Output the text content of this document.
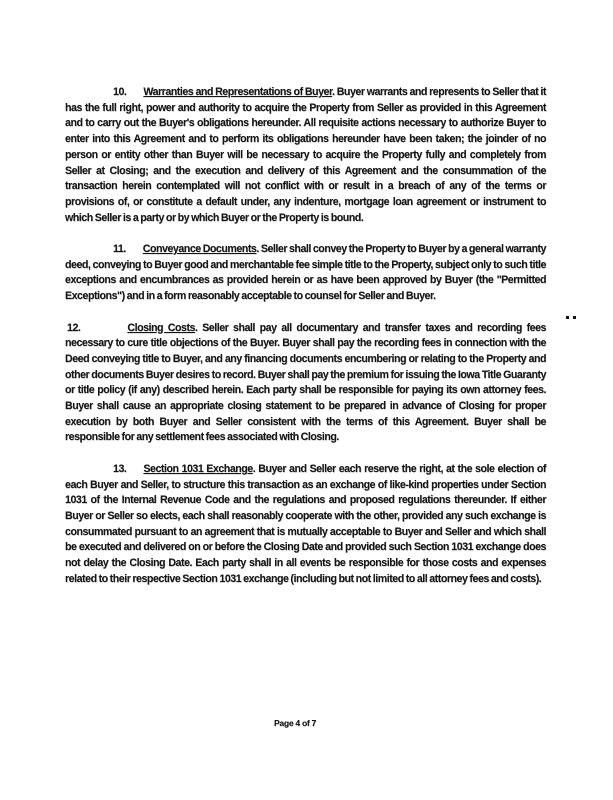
10. Warranties and Representations of Buyer. Buyer warrants and represents to Seller that it has the full right, power and authority to acquire the Property from Seller as provided in this Agreement and to carry out the Buyer's obligations hereunder. All requisite actions necessary to authorize Buyer to enter into this Agreement and to perform its obligations hereunder have been taken; the joinder of no person or entity other than Buyer will be necessary to acquire the Property fully and completely from Seller at Closing; and the execution and delivery of this Agreement and the consummation of the transaction herein contemplated will not conflict with or result in a breach of any of the terms or provisions of, or constitute a default under, any indenture, mortgage loan agreement or instrument to which Seller is a party or by which Buyer or the Property is bound.

11. Conveyance Documents. Seller shall convey the Property to Buyer by a general warranty deed, conveying to Buyer good and merchantable fee simple title to the Property, subject only to such title exceptions and encumbrances as provided herein or as have been approved by Buyer (the "Permitted Exceptions") and in a form reasonably acceptable to counsel for Seller and Buyer.

12.	Closing Costs. Seller shall pay all documentary and transfer taxes and recording fees necessary to cure title objections of the Buyer. Buyer shall pay the recording fees in connection with the Deed conveying title to Buyer, and any financing documents encumbering or relating to the Property and other documents Buyer desires to record. Buyer shall pay the premium for issuing the Iowa Title Guaranty or title policy (if any) described herein. Each party shall be responsible for paying its own attorney fees. Buyer shall cause an appropriate closing statement to be prepared in advance of Closing for proper execution by both Buyer and Seller consistent with the terms of this Agreement. Buyer shall be responsible for any settlement fees associated with Closing.

13. Section 1031 Exchange. Buyer and Seller each reserve the right, at the sole election of each Buyer and Seller, to structure this transaction as an exchange of like-kind properties under Section 1031 of the Internal Revenue Code and the regulations and proposed regulations thereunder. If either Buyer or Seller so elects, each shall reasonably cooperate with the other, provided any such exchange is consummated pursuant to an agreement that is mutually acceptable to Buyer and Seller and which shall be executed and delivered on or before the Closing Date and provided such Section 1031 exchange does not delay the Closing Date. Each party shall in all events be responsible for those costs and expenses related to their respective Section 1031 exchange (including but not limited to all attorney fees and costs).

Page 4 of 7
